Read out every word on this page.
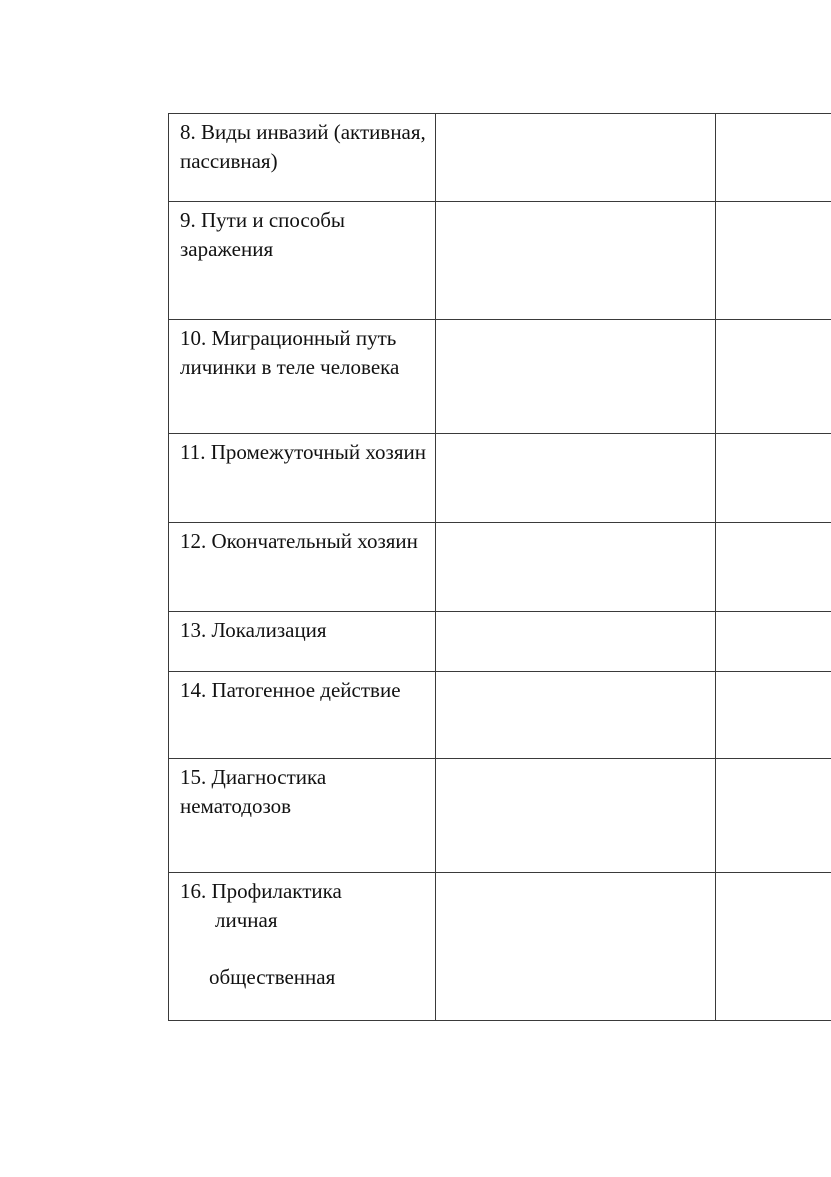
8. Виды инвазий (активная, пассивная)		
9. Пути и способы заражения		
10. Миграционный путь личинки в теле человека		
11. Промежуточный хозяин		
12. Окончательный хозяин		
13. Локализация		
14. Патогенное действие		
15. Диагностика нематодозов		

16. Профилактика
личная
общественная		
